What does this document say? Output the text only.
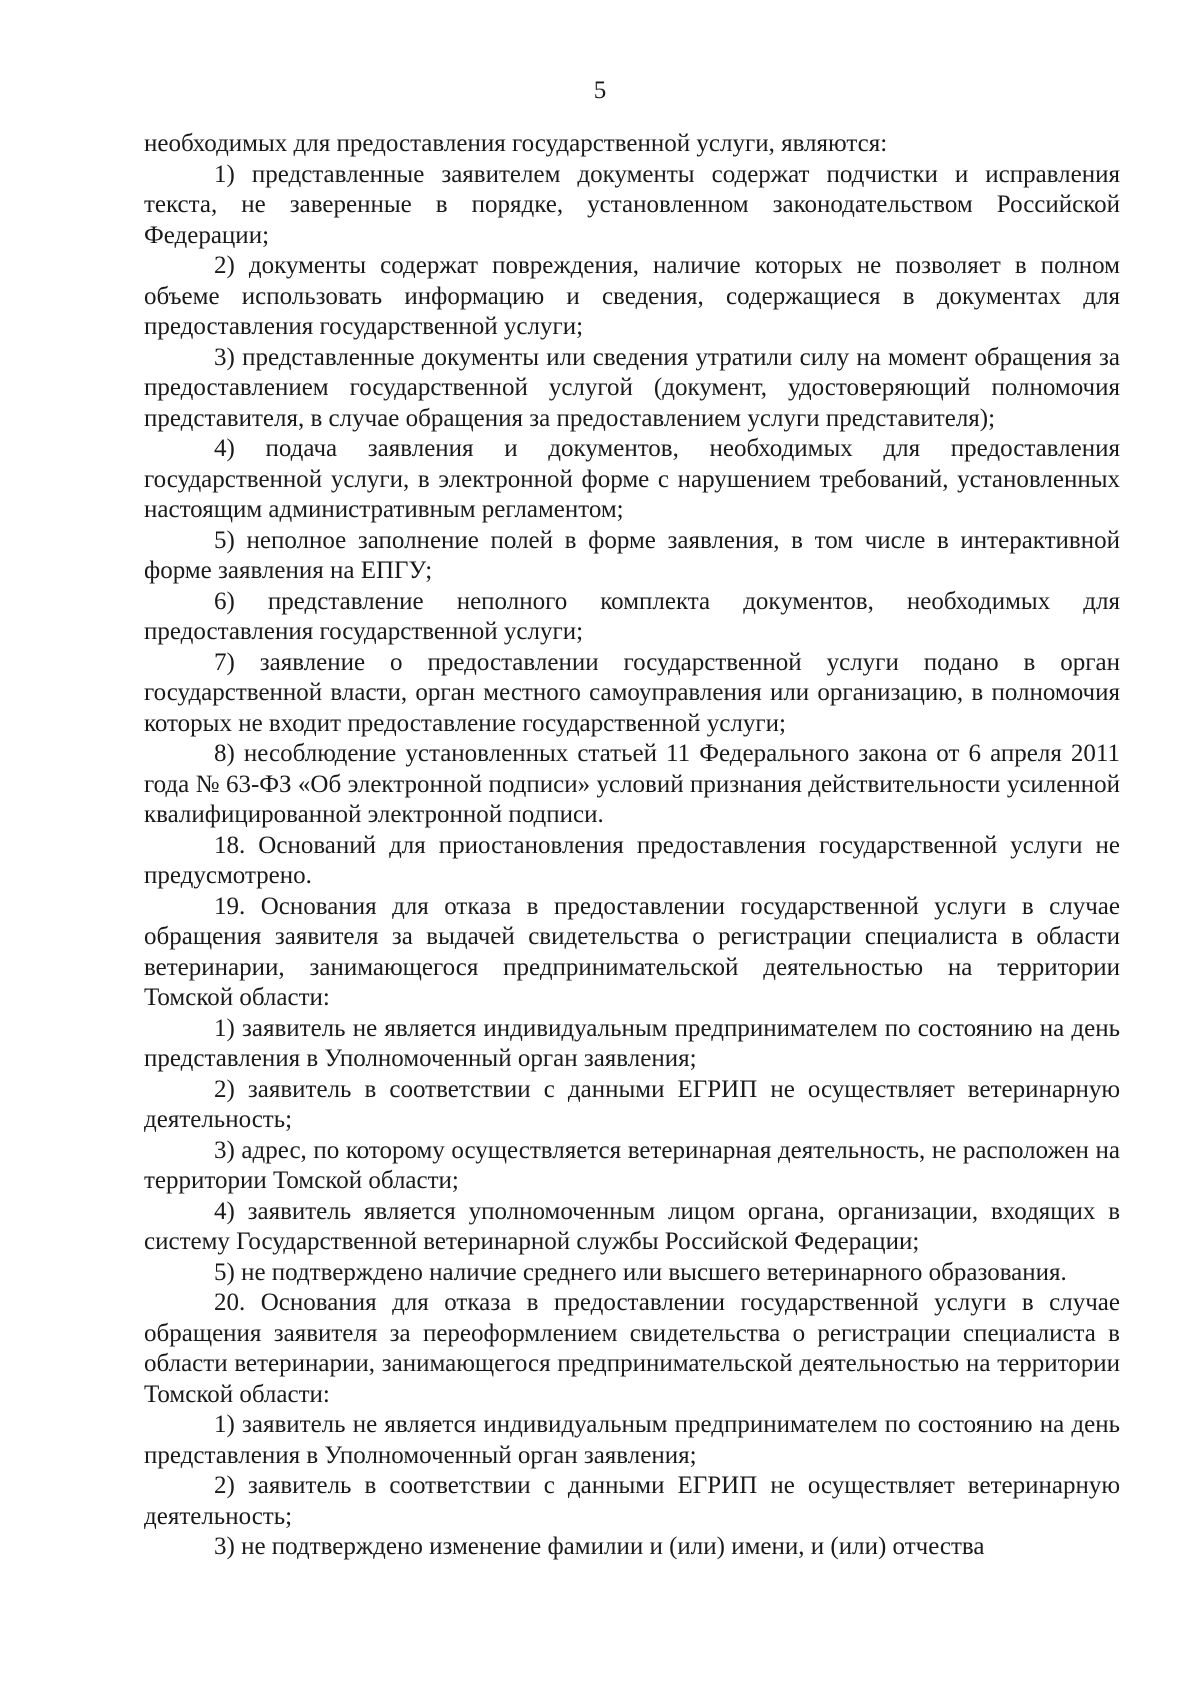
5

необходимых для предоставления государственной услуги, являются:

1) представленные заявителем документы содержат подчистки и исправления текста, не заверенные в порядке, установленном законодательством Российской Федерации;

2) документы содержат повреждения, наличие которых не позволяет в полном объеме использовать информацию и сведения, содержащиеся в документах для предоставления государственной услуги;

3) представленные документы или сведения утратили силу на момент обращения за предоставлением государственной услугой (документ, удостоверяющий полномочия представителя, в случае обращения за предоставлением услуги представителя);

4) подача заявления и документов, необходимых для предоставления государственной услуги, в электронной форме с нарушением требований, установленных настоящим административным регламентом;

5) неполное заполнение полей в форме заявления, в том числе в интерактивной форме заявления на ЕПГУ;

6) представление неполного комплекта документов, необходимых для предоставления государственной услуги;

7) заявление о предоставлении государственной услуги подано в орган государственной власти, орган местного самоуправления или организацию, в полномочия которых не входит предоставление государственной услуги;

8) несоблюдение установленных статьей 11 Федерального закона от 6 апреля 2011 года № 63-ФЗ «Об электронной подписи» условий признания действительности усиленной квалифицированной электронной подписи.

18. Оснований для приостановления предоставления государственной услуги не предусмотрено.

19. Основания для отказа в предоставлении государственной услуги в случае обращения заявителя за выдачей свидетельства о регистрации специалиста в области ветеринарии, занимающегося предпринимательской деятельностью на территории Томской области:

1) заявитель не является индивидуальным предпринимателем по состоянию на день представления в Уполномоченный орган заявления;

2) заявитель в соответствии с данными ЕГРИП не осуществляет ветеринарную деятельность;

3) адрес, по которому осуществляется ветеринарная деятельность, не расположен на территории Томской области;

4) заявитель является уполномоченным лицом органа, организации, входящих в систему Государственной ветеринарной службы Российской Федерации;

5) не подтверждено наличие среднего или высшего ветеринарного образования.

20. Основания для отказа в предоставлении государственной услуги в случае обращения заявителя за переоформлением свидетельства о регистрации специалиста в области ветеринарии, занимающегося предпринимательской деятельностью на территории Томской области:

1) заявитель не является индивидуальным предпринимателем по состоянию на день представления в Уполномоченный орган заявления;

2) заявитель в соответствии с данными ЕГРИП не осуществляет ветеринарную деятельность;

3) не подтверждено изменение фамилии и (или) имени, и (или) отчества
